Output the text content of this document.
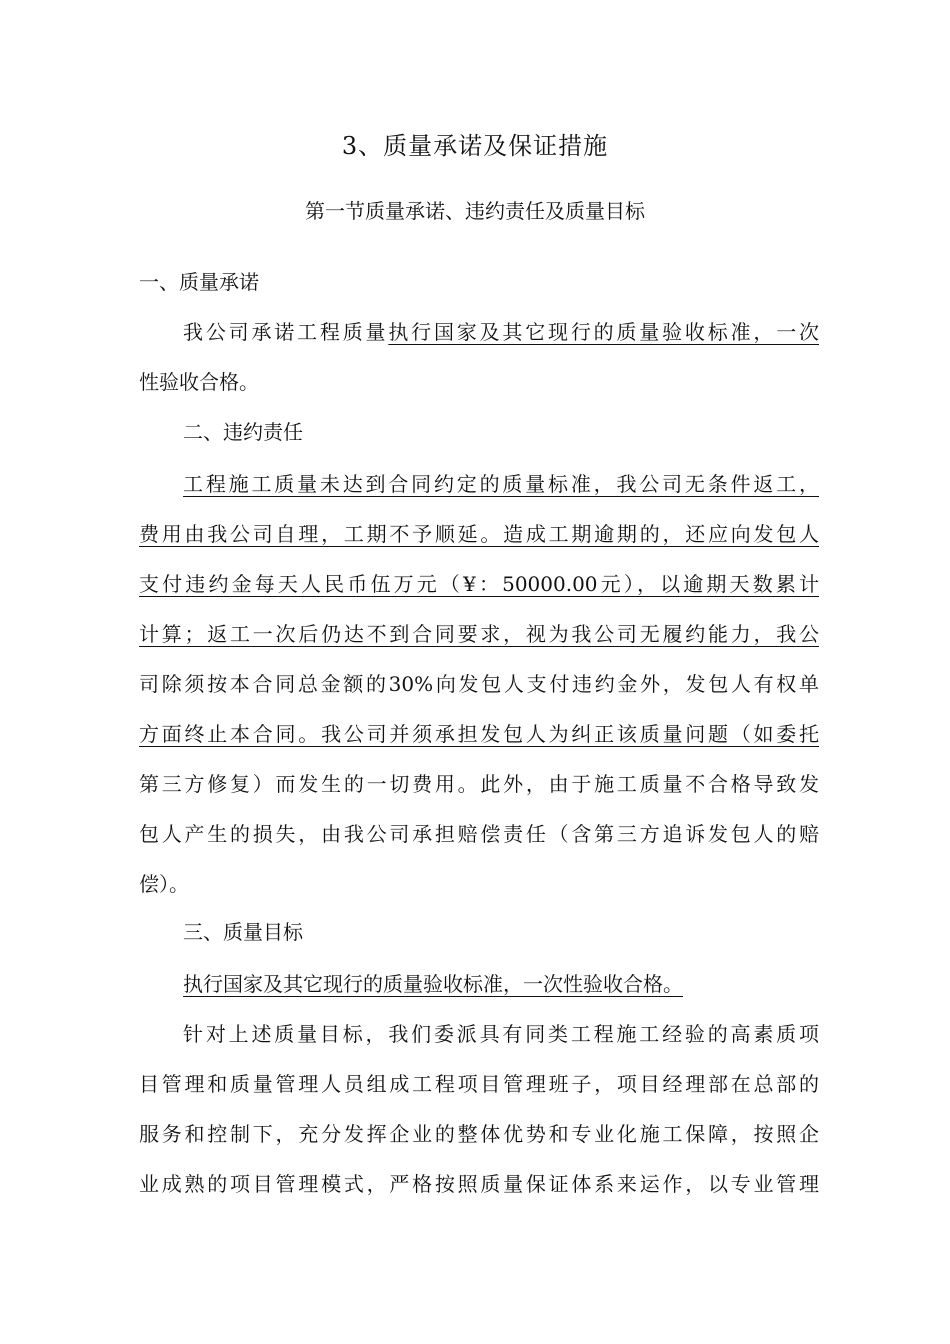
3、质量承诺及保证措施
第一节质量承诺、违约责任及质量目标
一、质量承诺
我公司承诺工程质量执行国家及其它现行的质量验收标准，一次
性验收合格。
二、违约责任
工程施工质量未达到合同约定的质量标准，我公司无条件返工，
费用由我公司自理，工期不予顺延。造成工期逾期的，还应向发包人
支付违约金每天人民币伍万元（¥：50000.00元），以逾期天数累计
计算；返工一次后仍达不到合同要求，视为我公司无履约能力，我公
司除须按本合同总金额的30%向发包人支付违约金外，发包人有权单
方面终止本合同。我公司并须承担发包人为纠正该质量问题（如委托
第三方修复）而发生的一切费用。此外，由于施工质量不合格导致发
包人产生的损失，由我公司承担赔偿责任（含第三方追诉发包人的赔
偿）。
三、质量目标
执行国家及其它现行的质量验收标准，一次性验收合格。
针对上述质量目标，我们委派具有同类工程施工经验的高素质项
目管理和质量管理人员组成工程项目管理班子，项目经理部在总部的
服务和控制下，充分发挥企业的整体优势和专业化施工保障，按照企
业成熟的项目管理模式，严格按照质量保证体系来运作，以专业管理
